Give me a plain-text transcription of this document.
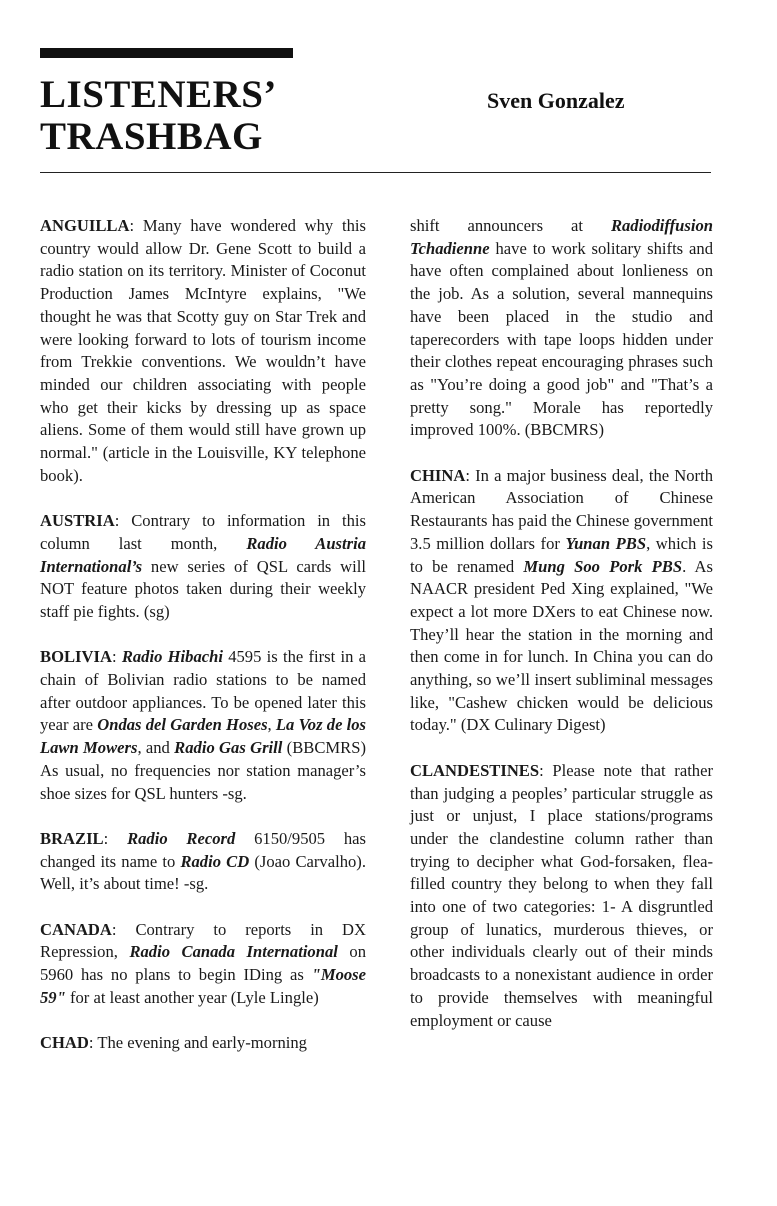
LISTENERS’
TRASHBAG
Sven Gonzalez

ANGUILLA: Many have wondered why this country would allow Dr. Gene Scott to build a radio station on its territory. Minister of Coconut Production James McIntyre explains, "We thought he was that Scotty guy on Star Trek and were looking forward to lots of tourism income from Trekkie conventions. We wouldn’t have minded our children associating with people who get their kicks by dressing up as space aliens. Some of them would still have grown up normal." (article in the Louisville, KY telephone book).

AUSTRIA: Contrary to information in this column last month, Radio Austria International’s new series of QSL cards will NOT feature photos taken during their weekly staff pie fights. (sg)

BOLIVIA: Radio Hibachi 4595 is the first in a chain of Bolivian radio stations to be named after outdoor appliances. To be opened later this year are Ondas del Garden Hoses, La Voz de los Lawn Mowers, and Radio Gas Grill (BBCMRS) As usual, no frequencies nor station manager’s shoe sizes for QSL hunters -sg.

BRAZIL: Radio Record 6150/9505 has changed its name to Radio CD (Joao Carvalho). Well, it’s about time! -sg.

CANADA: Contrary to reports in DX Repression, Radio Canada International on 5960 has no plans to begin IDing as "Moose 59" for at least another year (Lyle Lingle)

CHAD: The evening and early-morning

shift announcers at Radiodiffusion Tchadienne have to work solitary shifts and have often complained about lonlieness on the job. As a solution, several mannequins have been placed in the studio and taperecorders with tape loops hidden under their clothes repeat encouraging phrases such as "You’re doing a good job" and "That’s a pretty song." Morale has reportedly improved 100%. (BBCMRS)

CHINA: In a major business deal, the North American Association of Chinese Restaurants has paid the Chinese government 3.5 million dollars for Yunan PBS, which is to be renamed Mung Soo Pork PBS. As NAACR president Ped Xing explained, "We expect a lot more DXers to eat Chinese now. They’ll hear the station in the morning and then come in for lunch. In China you can do anything, so we’ll insert subliminal messages like, "Cashew chicken would be delicious today." (DX Culinary Digest)

CLANDESTINES: Please note that rather than judging a peoples’ particular struggle as just or unjust, I place stations/programs under the clandestine column rather than trying to decipher what God-forsaken, flea-filled country they belong to when they fall into one of two categories: 1- A disgruntled group of lunatics, murderous thieves, or other individuals clearly out of their minds broadcasts to a nonexistant audience in order to provide themselves with meaningful employment or cause
